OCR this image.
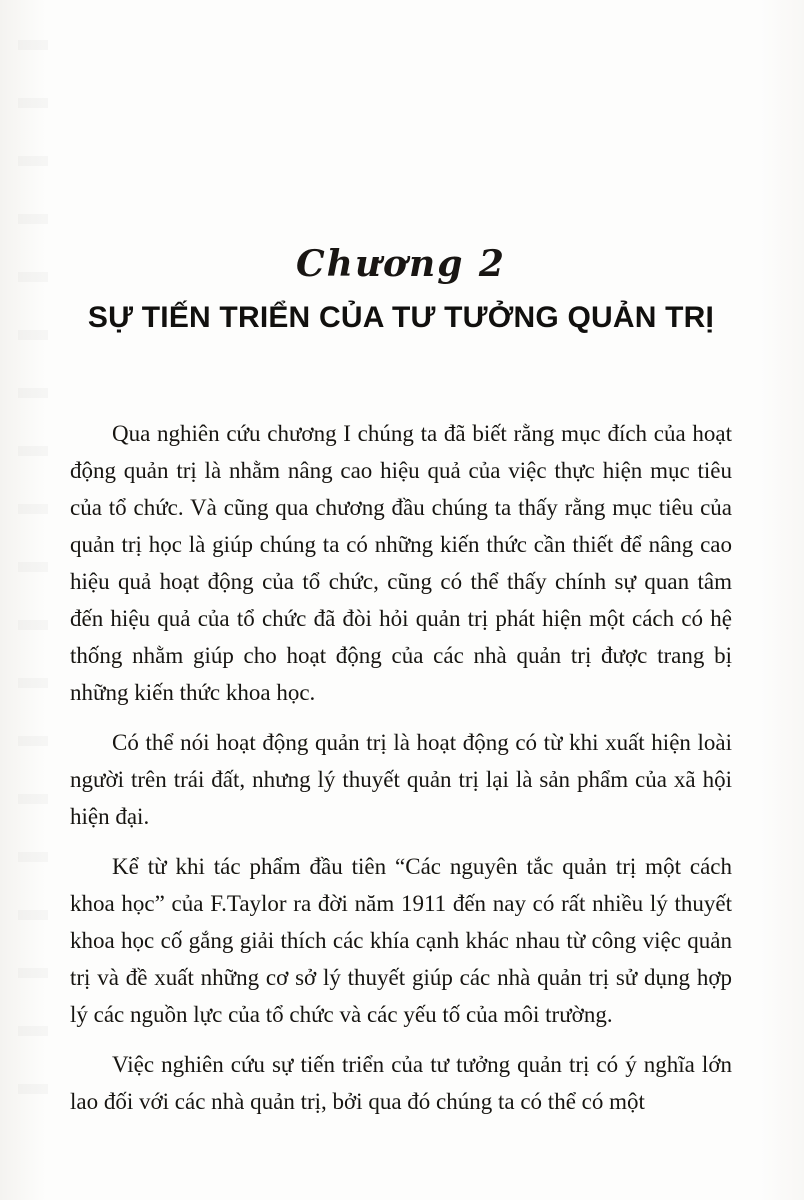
Chương 2
SỰ TIẾN TRIỂN CỦA TƯ TƯỞNG QUẢN TRỊ

Qua nghiên cứu chương I chúng ta đã biết rằng mục đích của hoạt động quản trị là nhằm nâng cao hiệu quả của việc thực hiện mục tiêu của tổ chức. Và cũng qua chương đầu chúng ta thấy rằng mục tiêu của quản trị học là giúp chúng ta có những kiến thức cần thiết để nâng cao hiệu quả hoạt động của tổ chức, cũng có thể thấy chính sự quan tâm đến hiệu quả của tổ chức đã đòi hỏi quản trị phát hiện một cách có hệ thống nhằm giúp cho hoạt động của các nhà quản trị được trang bị những kiến thức khoa học.

Có thể nói hoạt động quản trị là hoạt động có từ khi xuất hiện loài người trên trái đất, nhưng lý thuyết quản trị lại là sản phẩm của xã hội hiện đại.

Kể từ khi tác phẩm đầu tiên “Các nguyên tắc quản trị một cách khoa học” của F.Taylor ra đời năm 1911 đến nay có rất nhiều lý thuyết khoa học cố gắng giải thích các khía cạnh khác nhau từ công việc quản trị và đề xuất những cơ sở lý thuyết giúp các nhà quản trị sử dụng hợp lý các nguồn lực của tổ chức và các yếu tố của môi trường.

Việc nghiên cứu sự tiến triển của tư tưởng quản trị có ý nghĩa lớn lao đối với các nhà quản trị, bởi qua đó chúng ta có thể có một
